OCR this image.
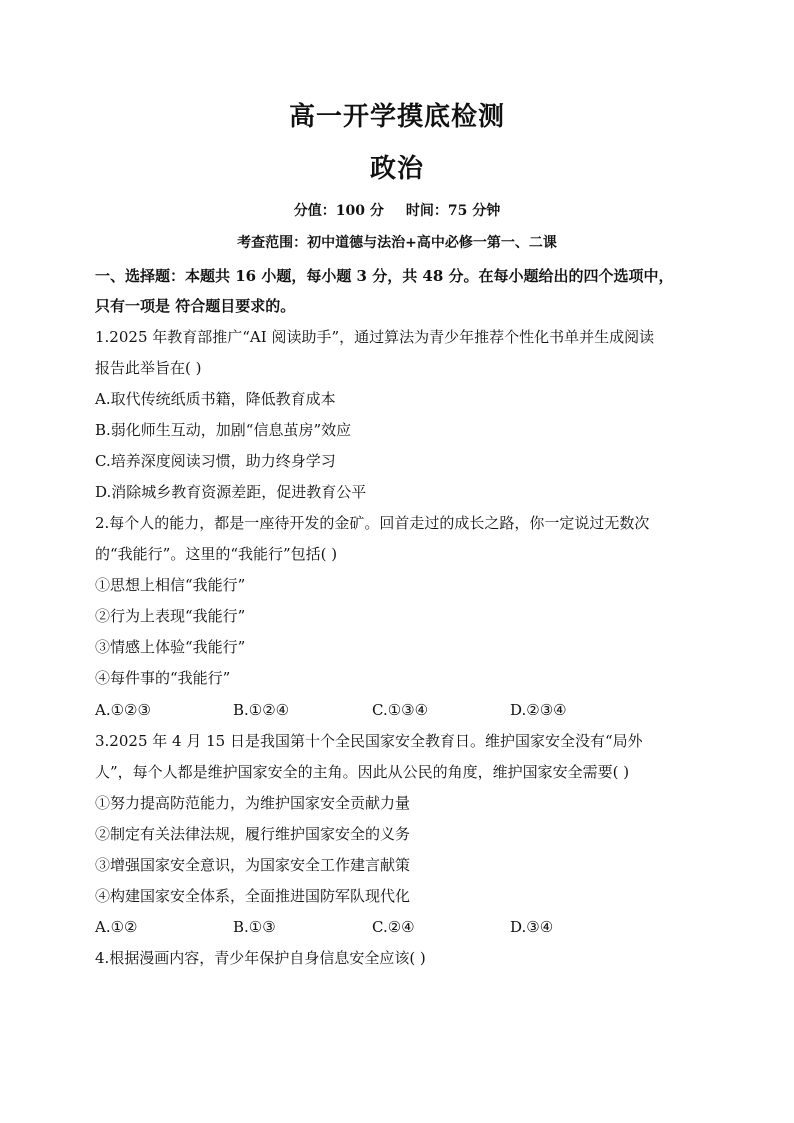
高一开学摸底检测
政治
分值：100 分 时间：75 分钟
考查范围：初中道德与法治+高中必修一第一、二课
一、选择题：本题共 16 小题，每小题 3 分，共 48 分。在每小题给出的四个选项中，
只有一项是 符合题目要求的。
1.2025 年教育部推广“AI 阅读助手”，通过算法为青少年推荐个性化书单并生成阅读
报告此举旨在( )
A.取代传统纸质书籍，降低教育成本
B.弱化师生互动，加剧“信息茧房”效应
C.培养深度阅读习惯，助力终身学习
D.消除城乡教育资源差距，促进教育公平
2.每个人的能力，都是一座待开发的金矿。回首走过的成长之路，你一定说过无数次
的“我能行”。这里的“我能行”包括( )
①思想上相信“我能行”
②行为上表现“我能行”
③情感上体验“我能行”
④每件事的“我能行”
A.①②③	B.①②④	C.①③④	D.②③④
3.2025 年 4 月 15 日是我国第十个全民国家安全教育日。维护国家安全没有“局外
人”，每个人都是维护国家安全的主角。因此从公民的角度，维护国家安全需要( )
①努力提高防范能力，为维护国家安全贡献力量
②制定有关法律法规，履行维护国家安全的义务
③增强国家安全意识，为国家安全工作建言献策
④构建国家安全体系，全面推进国防军队现代化
A.①②	B.①③	C.②④	D.③④
4.根据漫画内容，青少年保护自身信息安全应该( )
